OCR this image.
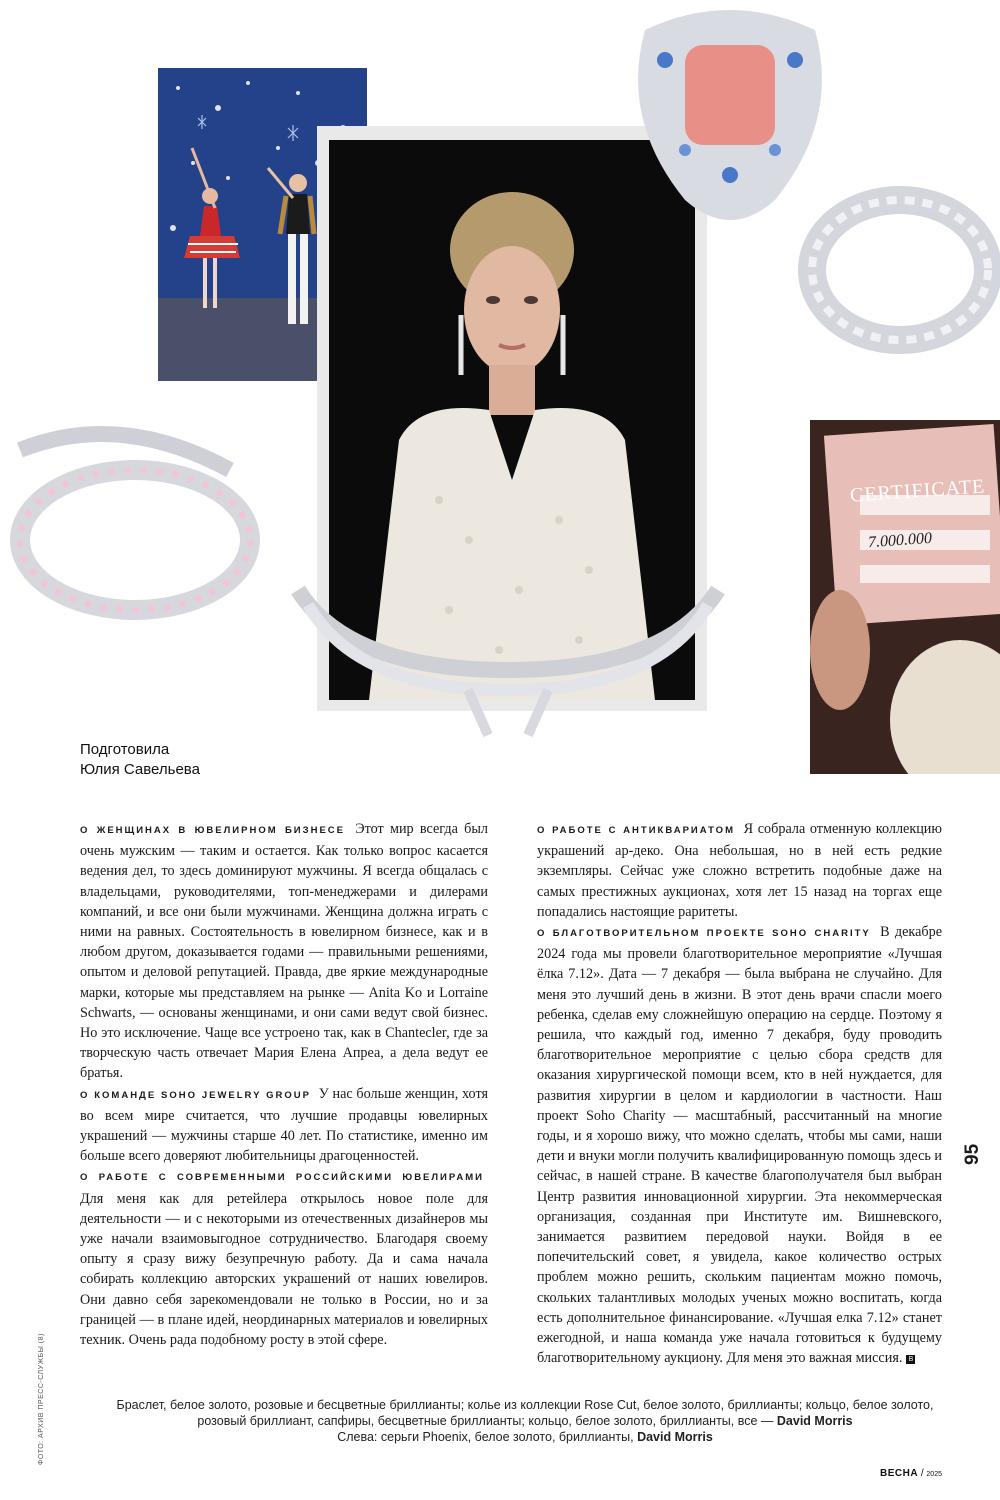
CERTIFICATE
7.000.000
Подготовила
Юлия Савельева

О ЖЕНЩИНАХ В ЮВЕЛИРНОМ БИЗНЕСЕ Этот мир всегда был очень мужским — таким и остается. Как только вопрос касается ведения дел, то здесь доминируют мужчины. Я всегда общалась с владельцами, руководителями, топ-менеджерами и дилерами компаний, и все они были мужчинами. Женщина должна играть с ними на равных. Состоятельность в ювелирном бизнесе, как и в любом другом, доказывается годами — правильными решениями, опытом и деловой репутацией. Правда, две яркие международные марки, которые мы представляем на рынке — Anita Ko и Lorraine Schwarts, — основаны женщинами, и они сами ведут свой бизнес. Но это исключение. Чаще все устроено так, как в Chantecler, где за творческую часть отвечает Мария Елена Апреа, а дела ведут ее братья.

О КОМАНДЕ SOHO JEWELRY GROUP У нас больше женщин, хотя во всем мире считается, что лучшие продавцы ювелирных украшений — мужчины старше 40 лет. По статистике, именно им больше всего доверяют любительницы драгоценностей.

О РАБОТЕ С СОВРЕМЕННЫМИ РОССИЙСКИМИ ЮВЕЛИРАМИ Для меня как для ретейлера открылось новое поле для деятельности — и с некоторыми из отечественных дизайнеров мы уже начали взаимовыгодное сотрудничество. Благодаря своему опыту я сразу вижу безупречную работу. Да и сама начала собирать коллекцию авторских украшений от наших ювелиров. Они давно себя зарекомендовали не только в России, но и за границей — в плане идей, неординарных материалов и ювелирных техник. Очень рада подобному росту в этой сфере.

О РАБОТЕ С АНТИКВАРИАТОМ Я собрала отменную коллекцию украшений ар-деко. Она небольшая, но в ней есть редкие экземпляры. Сейчас уже сложно встретить подобные даже на самых престижных аукционах, хотя лет 15 назад на торгах еще попадались настоящие раритеты.

О БЛАГОТВОРИТЕЛЬНОМ ПРОЕКТЕ SOHO CHARITY В декабре 2024 года мы провели благотворительное мероприятие «Лучшая ёлка 7.12». Дата — 7 декабря — была выбрана не случайно. Для меня это лучший день в жизни. В этот день врачи спасли моего ребенка, сделав ему сложнейшую операцию на сердце. Поэтому я решила, что каждый год, именно 7 декабря, буду проводить благотворительное мероприятие с целью сбора средств для оказания хирургической помощи всем, кто в ней нуждается, для развития хирургии в целом и кардиологии в частности. Наш проект Soho Charity — масштабный, рассчитанный на многие годы, и я хорошо вижу, что можно сделать, чтобы мы сами, наши дети и внуки могли получить квалифицированную помощь здесь и сейчас, в нашей стране. В качестве благополучателя был выбран Центр развития инновационной хирургии. Эта некоммерческая организация, созданная при Институте им. Вишневского, занимается развитием передовой науки. Войдя в ее попечительский совет, я увидела, какое количество острых проблем можно решить, скольким пациентам можно помочь, скольких талантливых молодых ученых можно воспитать, когда есть дополнительное финансирование. «Лучшая елка 7.12» станет ежегодной, и наша команда уже начала готовиться к будущему благотворительному аукциону. Для меня это важная миссия. В

95
ФОТО: АРХИВ ПРЕСС-СЛУЖБЫ (8)	Браслет, белое золото, розовые и бесцветные бриллианты; колье из коллекции Rose Cut, белое золото, бриллианты; кольцо, белое золото,
розовый бриллиант, сапфиры, бесцветные бриллианты; кольцо, белое золото, бриллианты, все — David Morris
Слева: серьги Phoenix, белое золото, бриллианты, David Morris
ВЕСНА / 2025
